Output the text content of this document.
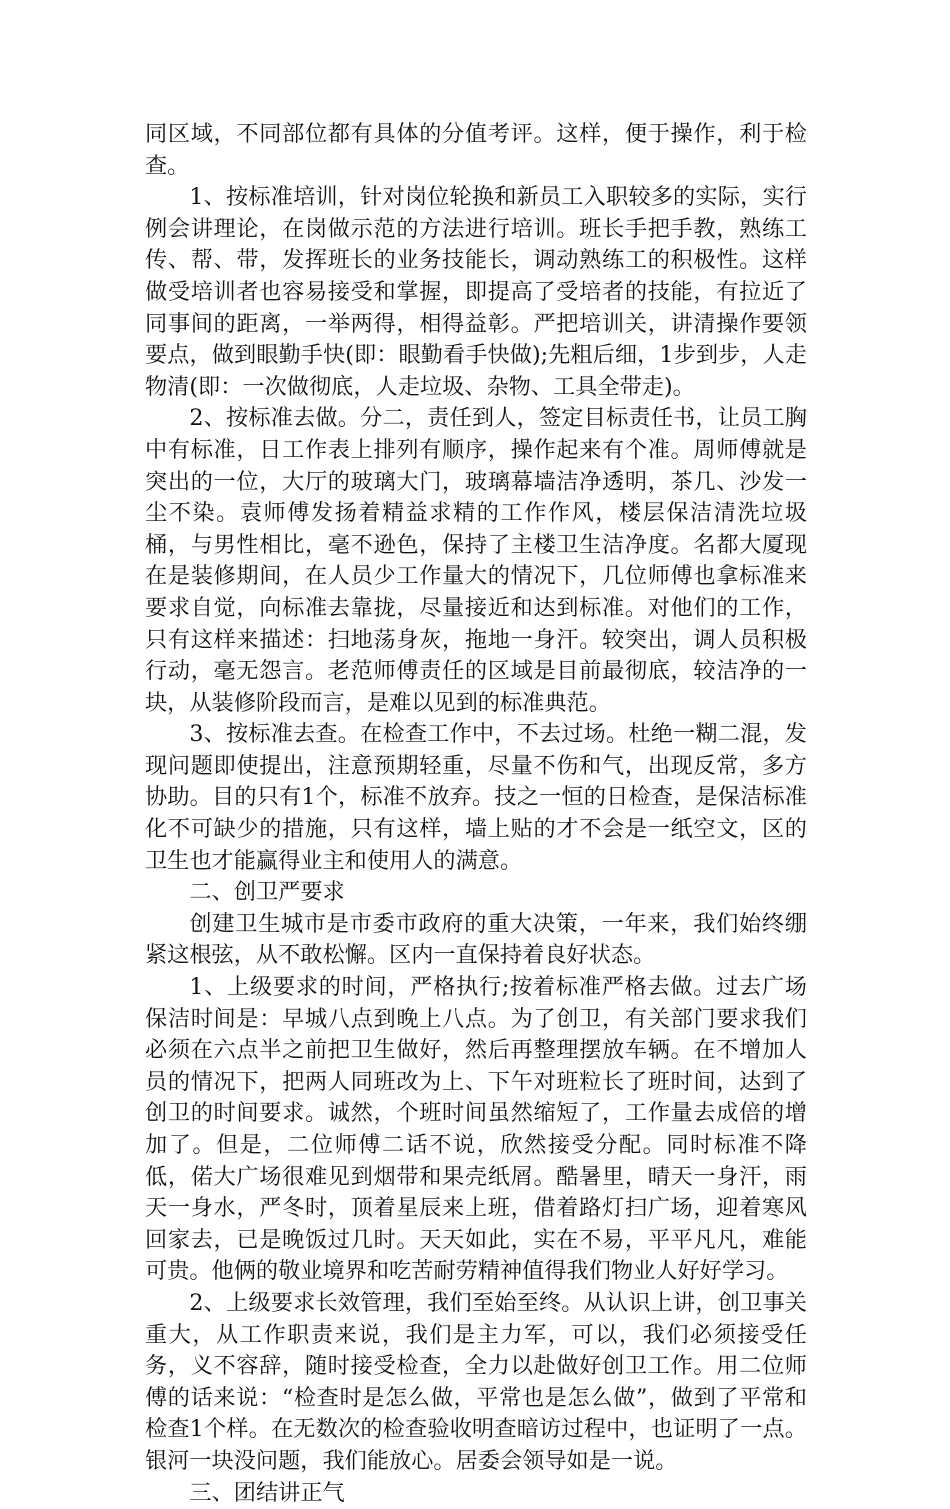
同区域，不同部位都有具体的分值考评。这样，便于操作，利于检查。

1、按标准培训，针对岗位轮换和新员工入职较多的实际，实行例会讲理论，在岗做示范的方法进行培训。班长手把手教，熟练工传、帮、带，发挥班长的业务技能长，调动熟练工的积极性。这样做受培训者也容易接受和掌握，即提高了受培者的技能，有拉近了同事间的距离，一举两得，相得益彰。严把培训关，讲清操作要领要点，做到眼勤手快(即：眼勤看手快做);先粗后细，1步到步，人走物清(即：一次做彻底，人走垃圾、杂物、工具全带走)。

2、按标准去做。分二，责任到人，签定目标责任书，让员工胸中有标准，日工作表上排列有顺序，操作起来有个准。周师傅就是突出的一位，大厅的玻璃大门，玻璃幕墙洁净透明，茶几、沙发一尘不染。袁师傅发扬着精益求精的工作作风，楼层保洁清洗垃圾桶，与男性相比，毫不逊色，保持了主楼卫生洁净度。名都大厦现在是装修期间，在人员少工作量大的情况下，几位师傅也拿标准来要求自觉，向标准去靠拢，尽量接近和达到标准。对他们的工作，只有这样来描述：扫地荡身灰，拖地一身汗。较突出，调人员积极行动，毫无怨言。老范师傅责任的区域是目前最彻底，较洁净的一块，从装修阶段而言，是难以见到的标准典范。

3、按标准去查。在检查工作中，不去过场。杜绝一糊二混，发现问题即使提出，注意预期轻重，尽量不伤和气，出现反常，多方协助。目的只有1个，标准不放弃。技之一恒的日检查，是保洁标准化不可缺少的措施，只有这样，墙上贴的才不会是一纸空文，区的卫生也才能赢得业主和使用人的满意。

二、创卫严要求

创建卫生城市是市委市政府的重大决策，一年来，我们始终绷紧这根弦，从不敢松懈。区内一直保持着良好状态。

1、上级要求的时间，严格执行;按着标准严格去做。过去广场保洁时间是：早城八点到晚上八点。为了创卫，有关部门要求我们必须在六点半之前把卫生做好，然后再整理摆放车辆。在不增加人员的情况下，把两人同班改为上、下午对班粒长了班时间，达到了创卫的时间要求。诚然，个班时间虽然缩短了，工作量去成倍的增加了。但是，二位师傅二话不说，欣然接受分配。同时标准不降低，偌大广场很难见到烟带和果壳纸屑。酷暑里，晴天一身汗，雨天一身水，严冬时，顶着星辰来上班，借着路灯扫广场，迎着寒风回家去，已是晚饭过几时。天天如此，实在不易，平平凡凡，难能可贵。他俩的敬业境界和吃苦耐劳精神值得我们物业人好好学习。

2、上级要求长效管理，我们至始至终。从认识上讲，创卫事关重大，从工作职责来说，我们是主力军，可以，我们必须接受任务，义不容辞，随时接受检查，全力以赴做好创卫工作。用二位师傅的话来说：“检查时是怎么做，平常也是怎么做”，做到了平常和检查1个样。在无数次的检查验收明查暗访过程中，也证明了一点。银河一块没问题，我们能放心。居委会领导如是一说。

三、团结讲正气
